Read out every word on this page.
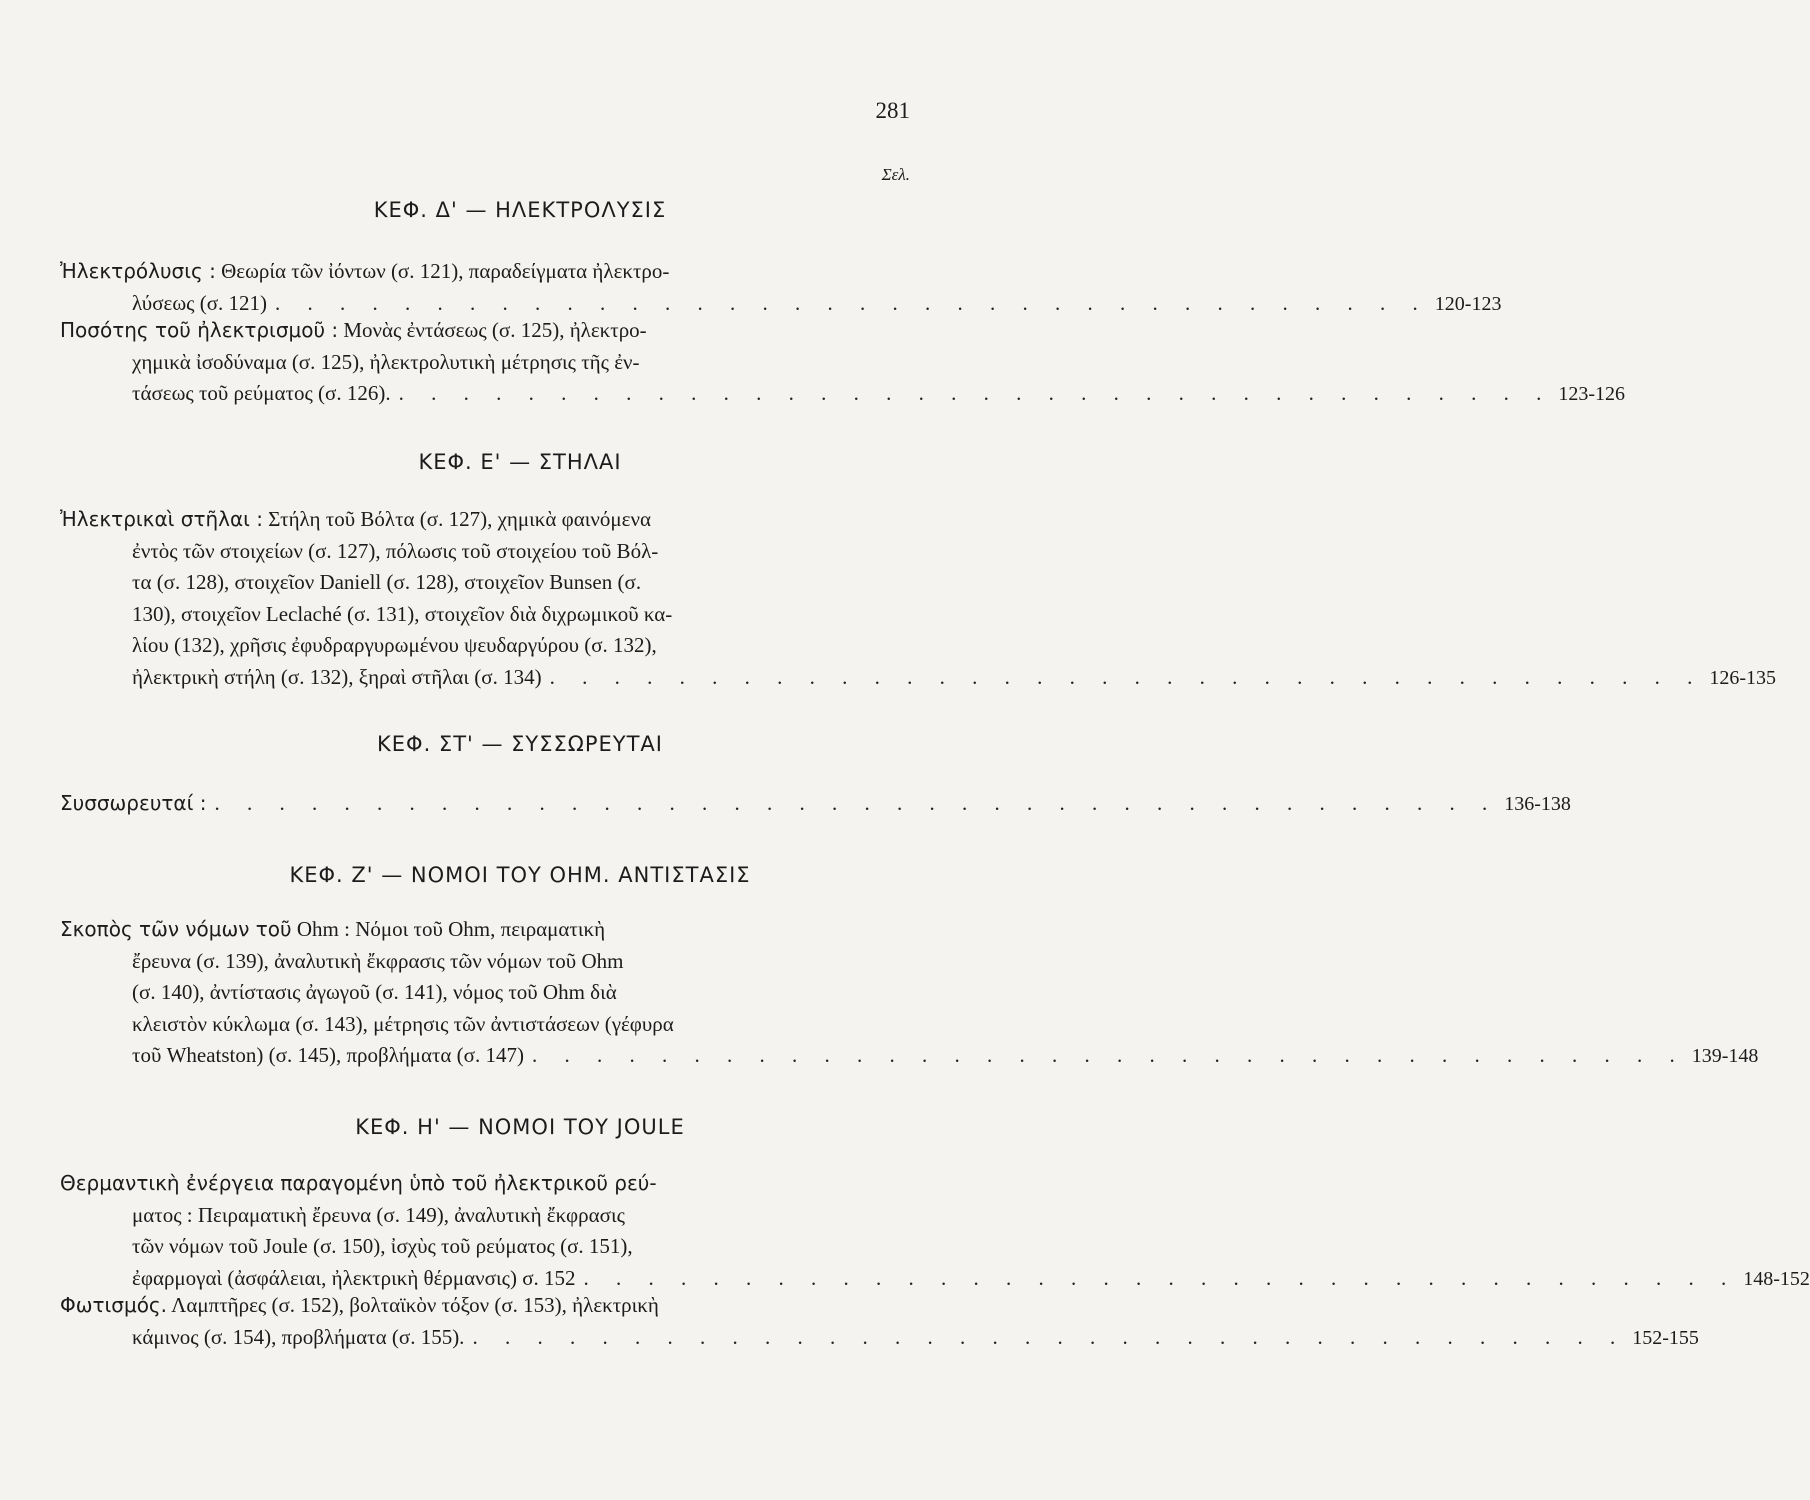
281
Σελ.
ΚΕΦ. Δ' — ΗΛΕΚΤΡΟΛΥΣΙΣ
Ἠλεκτρόλυσις : Θεωρία τῶν ἰόντων (σ. 121), παραδείγματα ἠλεκτρο-
λύσεως (σ. 121) . . . . . . . . . . . . . . . . . . . . . . . . . . . . . . . . . . . . 120-123
Ποσότης τοῦ ἠλεκτρισμοῦ : Μονὰς ἐντάσεως (σ. 125), ἠλεκτρο-
χημικὰ ἰσοδύναμα (σ. 125), ἠλεκτρολυτικὴ μέτρησις τῆς ἐν-
τάσεως τοῦ ρεύματος (σ. 126). . . . . . . . . . . . . . . . . . . . . . . . . . . . . . . . . . . . . 123-126
ΚΕΦ. Ε' — ΣΤΗΛΑΙ
Ἠλεκτρικαὶ στῆλαι : Στήλη τοῦ Βόλτα (σ. 127), χημικὰ φαινόμενα
ἐντὸς τῶν στοιχείων (σ. 127), πόλωσις τοῦ στοιχείου τοῦ Βόλ-
τα (σ. 128), στοιχεῖον Daniell (σ. 128), στοιχεῖον Bunsen (σ.
130), στοιχεῖον Leclaché (σ. 131), στοιχεῖον διὰ διχρωμικοῦ κα-
λίου (132), χρῆσις ἐφυδραργυρωμένου ψευδαργύρου (σ. 132),
ἠλεκτρικὴ στήλη (σ. 132), ξηραὶ στῆλαι (σ. 134) . . . . . . . . . . . . . . . . . . . . . . . . . . . . . . . . . . . . 126-135
ΚΕΦ. ΣΤ' — ΣΥΣΣΩΡΕΥΤΑΙ
Συσσωρευταί : . . . . . . . . . . . . . . . . . . . . . . . . . . . . . . . . . . . . . . . . 136-138
ΚΕΦ. Ζ' — ΝΟΜΟΙ ΤΟΥ ΟΗΜ. ΑΝΤΙΣΤΑΣΙΣ
Σκοπὸς τῶν νόμων τοῦ Ohm : Νόμοι τοῦ Ohm, πειραματικὴ
ἔρευνα (σ. 139), ἀναλυτικὴ ἔκφρασις τῶν νόμων τοῦ Ohm
(σ. 140), ἀντίστασις ἀγωγοῦ (σ. 141), νόμος τοῦ Ohm διὰ
κλειστὸν κύκλωμα (σ. 143), μέτρησις τῶν ἀντιστάσεων (γέφυρα
τοῦ Wheatston) (σ. 145), προβλήματα (σ. 147) . . . . . . . . . . . . . . . . . . . . . . . . . . . . . . . . . . . . 139-148
ΚΕΦ. Η' — ΝΟΜΟΙ ΤΟΥ JOULE
Θερμαντικὴ ἐνέργεια παραγομένη ὑπὸ τοῦ ἠλεκτρικοῦ ρεύ-
ματος : Πειραματικὴ ἔρευνα (σ. 149), ἀναλυτικὴ ἔκφρασις
τῶν νόμων τοῦ Joule (σ. 150), ἰσχὺς τοῦ ρεύματος (σ. 151),
ἐφαρμογαὶ (ἀσφάλειαι, ἠλεκτρικὴ θέρμανσις) σ. 152 . . . . . . . . . . . . . . . . . . . . . . . . . . . . . . . . . . . . 148-152
Φωτισμός. Λαμπτῆρες (σ. 152), βολταϊκὸν τόξον (σ. 153), ἠλεκτρικὴ
κάμινος (σ. 154), προβλήματα (σ. 155). . . . . . . . . . . . . . . . . . . . . . . . . . . . . . . . . . . . . 152-155
